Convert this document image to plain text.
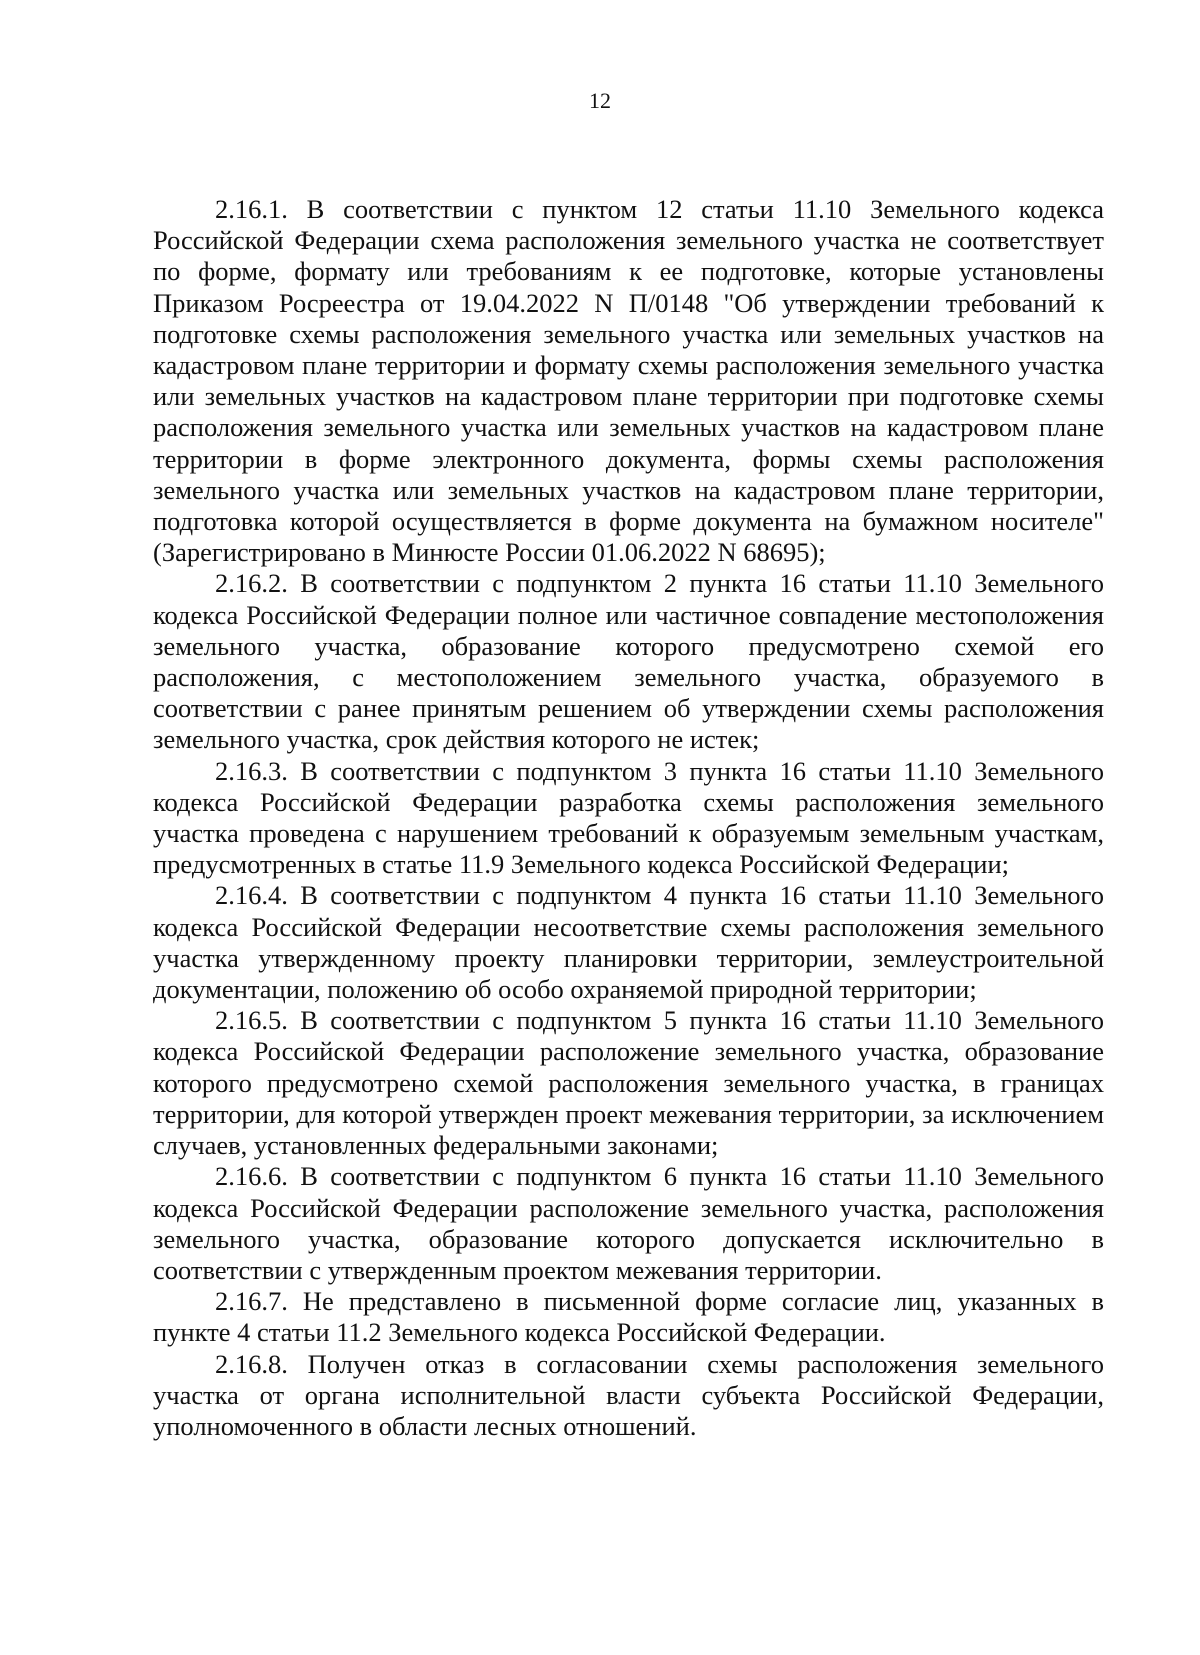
12

2.16.1. В соответствии с пунктом 12 статьи 11.10 Земельного кодекса Российской Федерации схема расположения земельного участка не соответствует по форме, формату или требованиям к ее подготовке, которые установлены Приказом Росреестра от 19.04.2022 N П/0148 "Об утверждении требований к подготовке схемы расположения земельного участка или земельных участков на кадастровом плане территории и формату схемы расположения земельного участка или земельных участков на кадастровом плане территории при подготовке схемы расположения земельного участка или земельных участков на кадастровом плане территории в форме электронного документа, формы схемы расположения земельного участка или земельных участков на кадастровом плане территории, подготовка которой осуществляется в форме документа на бумажном носителе" (Зарегистрировано в Минюсте России 01.06.2022 N 68695);

2.16.2. В соответствии с подпунктом 2 пункта 16 статьи 11.10 Земельного кодекса Российской Федерации полное или частичное совпадение местоположения земельного участка, образование которого предусмотрено схемой его расположения, с местоположением земельного участка, образуемого в соответствии с ранее принятым решением об утверждении схемы расположения земельного участка, срок действия которого не истек;

2.16.3. В соответствии с подпунктом 3 пункта 16 статьи 11.10 Земельного кодекса Российской Федерации разработка схемы расположения земельного участка проведена с нарушением требований к образуемым земельным участкам, предусмотренных в статье 11.9 Земельного кодекса Российской Федерации;

2.16.4. В соответствии с подпунктом 4 пункта 16 статьи 11.10 Земельного кодекса Российской Федерации несоответствие схемы расположения земельного участка утвержденному проекту планировки территории, землеустроительной документации, положению об особо охраняемой природной территории;

2.16.5. В соответствии с подпунктом 5 пункта 16 статьи 11.10 Земельного кодекса Российской Федерации расположение земельного участка, образование которого предусмотрено схемой расположения земельного участка, в границах территории, для которой утвержден проект межевания территории, за исключением случаев, установленных федеральными законами;

2.16.6. В соответствии с подпунктом 6 пункта 16 статьи 11.10 Земельного кодекса Российской Федерации расположение земельного участка, расположения земельного участка, образование которого допускается исключительно в соответствии с утвержденным проектом межевания территории.

2.16.7. Не представлено в письменной форме согласие лиц, указанных в пункте 4 статьи 11.2 Земельного кодекса Российской Федерации.

2.16.8. Получен отказ в согласовании схемы расположения земельного участка от органа исполнительной власти субъекта Российской Федерации, уполномоченного в области лесных отношений.
